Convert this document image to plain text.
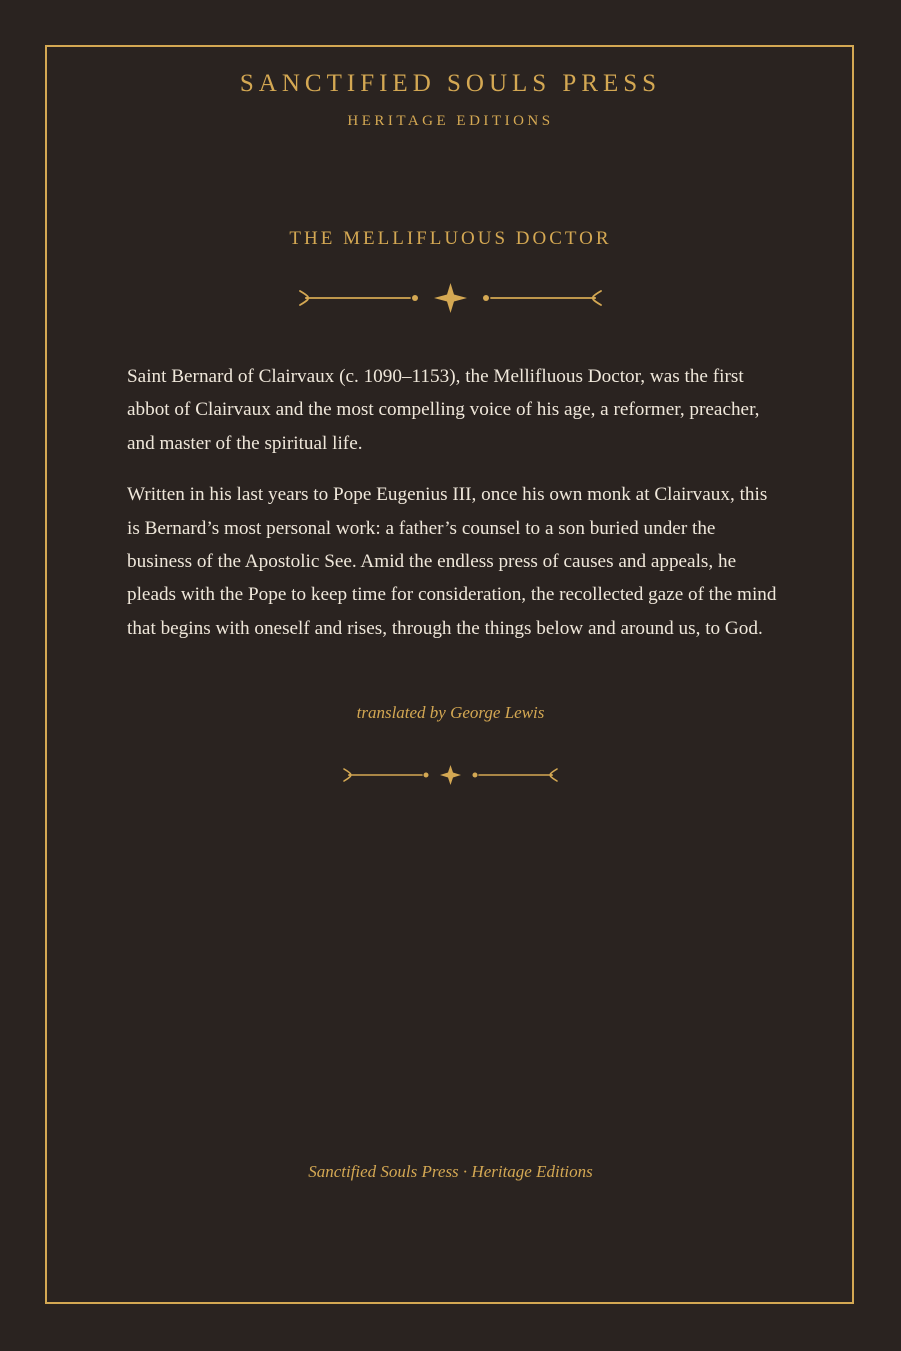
SANCTIFIED SOULS PRESS
HERITAGE EDITIONS
THE MELLIFLUOUS DOCTOR

Saint Bernard of Clairvaux (c. 1090–1153), the Mellifluous Doctor, was the first abbot of Clairvaux and the most compelling voice of his age, a reformer, preacher, and master of the spiritual life.

Written in his last years to Pope Eugenius III, once his own monk at Clairvaux, this is Bernard’s most personal work: a father’s counsel to a son buried under the business of the Apostolic See. Amid the endless press of causes and appeals, he pleads with the Pope to keep time for consideration, the recollected gaze of the mind that begins with oneself and rises, through the things below and around us, to God.

translated by George Lewis
Sanctified Souls Press · Heritage Editions
